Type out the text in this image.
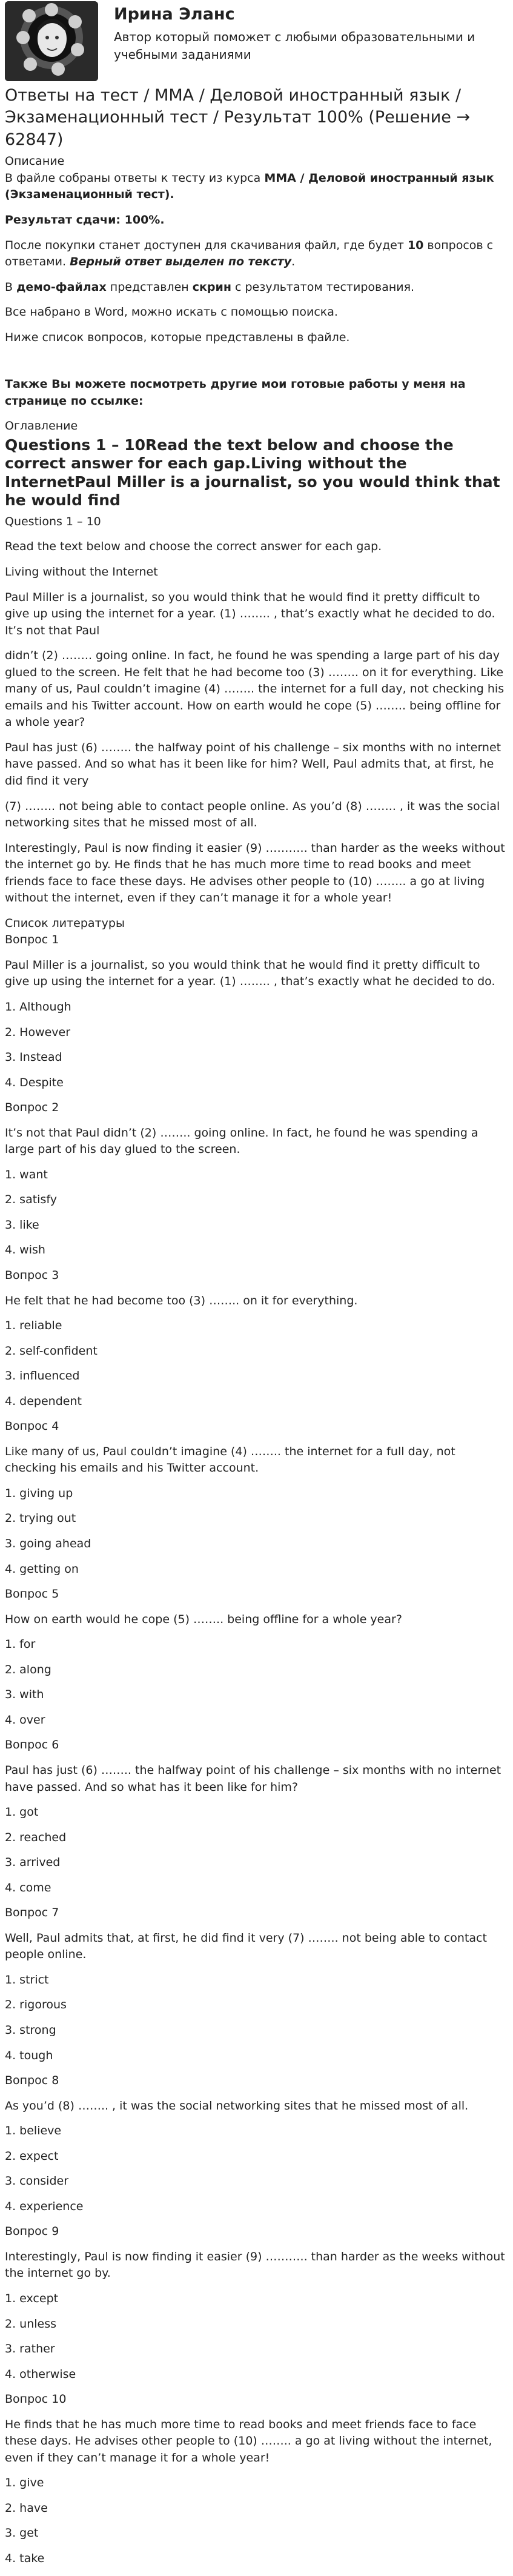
Ирина Эланс
Автор который поможет с любыми образовательными и учебными заданиями
Ответы на тест / ММА / Деловой иностранный язык / Экзаменационный тест / Результат 100% (Решение → 62847)
Описание

В файле собраны ответы к тесту из курса ММА / Деловой иностранный язык (Экзаменационный тест).

Результат сдачи: 100%.

После покупки станет доступен для скачивания файл, где будет 10 вопросов с ответами. Верный ответ выделен по тексту.

В демо-файлах представлен скрин с результатом тестирования.

Все набрано в Word, можно искать с помощью поиска.

Ниже список вопросов, которые представлены в файле.

Также Вы можете посмотреть другие мои готовые работы у меня на странице по ссылке:

Оглавление
Questions 1 – 10Read the text below and choose the correct answer for each gap.Living without the InternetPaul Miller is a journalist, so you would think that he would find

Questions 1 – 10

Read the text below and choose the correct answer for each gap.

Living without the Internet

Paul Miller is a journalist, so you would think that he would find it pretty difficult to give up using the internet for a year. (1) …….. , that’s exactly what he decided to do. It’s not that Paul

didn’t (2) …….. going online. In fact, he found he was spending a large part of his day glued to the screen. He felt that he had become too (3) …….. on it for everything. Like many of us, Paul couldn’t imagine (4) …….. the internet for a full day, not checking his emails and his Twitter account. How on earth would he cope (5) …….. being offline for a whole year?

Paul has just (6) …….. the halfway point of his challenge – six months with no internet have passed. And so what has it been like for him? Well, Paul admits that, at first, he did find it very

(7) …….. not being able to contact people online. As you’d (8) …….. , it was the social networking sites that he missed most of all.

Interestingly, Paul is now finding it easier (9) ……….. than harder as the weeks without the internet go by. He finds that he has much more time to read books and meet friends face to face these days. He advises other people to (10) …….. a go at living without the internet, even if they can’t manage it for a whole year!

Список литературы

Вопрос 1

Paul Miller is a journalist, so you would think that he would find it pretty difficult to give up using the internet for a year. (1) …….. , that’s exactly what he decided to do.

1. Although

2. However

3. Instead

4. Despite

Вопрос 2

It’s not that Paul didn’t (2) …….. going online. In fact, he found he was spending a large part of his day glued to the screen.

1. want

2. satisfy

3. like

4. wish

Вопрос 3

He felt that he had become too (3) …….. on it for everything.

1. reliable

2. self-confident

3. influenced

4. dependent

Вопрос 4

Like many of us, Paul couldn’t imagine (4) …….. the internet for a full day, not checking his emails and his Twitter account.

1. giving up

2. trying out

3. going ahead

4. getting on

Вопрос 5

How on earth would he cope (5) …….. being offline for a whole year?

1. for

2. along

3. with

4. over

Вопрос 6

Paul has just (6) …….. the halfway point of his challenge – six months with no internet have passed. And so what has it been like for him?

1. got

2. reached

3. arrived

4. come

Вопрос 7

Well, Paul admits that, at first, he did find it very (7) …….. not being able to contact people online.

1. strict

2. rigorous

3. strong

4. tough

Вопрос 8

As you’d (8) …….. , it was the social networking sites that he missed most of all.

1. believe

2. expect

3. consider

4. experience

Вопрос 9

Interestingly, Paul is now finding it easier (9) ……….. than harder as the weeks without the internet go by.

1. except

2. unless

3. rather

4. otherwise

Вопрос 10

He finds that he has much more time to read books and meet friends face to face these days. He advises other people to (10) …….. a go at living without the internet, even if they can’t manage it for a whole year!

1. give

2. have

3. get

4. take
